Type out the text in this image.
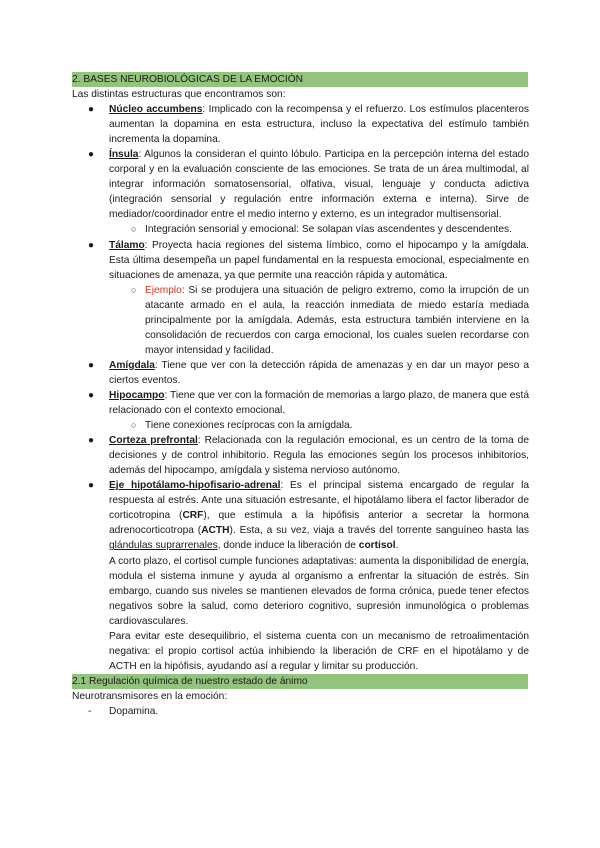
2. BASES NEUROBIOLÓGICAS DE LA EMOCIÓN

Las distintas estructuras que encontramos son:

● Núcleo accumbens: Implicado con la recompensa y el refuerzo. Los estímulos placenteros aumentan la dopamina en esta estructura, incluso la expectativa del estímulo también incrementa la dopamina.
● Ínsula: Algunos la consideran el quinto lóbulo. Participa en la percepción interna del estado corporal y en la evaluación consciente de las emociones. Se trata de un área multimodal, al integrar información somatosensorial, olfativa, visual, lenguaje y conducta adictiva (integración sensorial y regulación entre información externa e interna). Sirve de mediador/coordinador entre el medio interno y externo, es un integrador multisensorial.
○ Integración sensorial y emocional: Se solapan vías ascendentes y descendentes.
● Tálamo: Proyecta hacia regiones del sistema límbico, como el hipocampo y la amígdala. Esta última desempeña un papel fundamental en la respuesta emocional, especialmente en situaciones de amenaza, ya que permite una reacción rápida y automática.
○ Ejemplo: Si se produjera una situación de peligro extremo, como la irrupción de un atacante armado en el aula, la reacción inmediata de miedo estaría mediada principalmente por la amígdala. Además, esta estructura también interviene en la consolidación de recuerdos con carga emocional, los cuales suelen recordarse con mayor intensidad y facilidad.
● Amígdala: Tiene que ver con la detección rápida de amenazas y en dar un mayor peso a ciertos eventos.
● Hipocampo: Tiene que ver con la formación de memorias a largo plazo, de manera que está relacionado con el contexto emocional.
○ Tiene conexiones recíprocas con la amígdala.
● Corteza prefrontal: Relacionada con la regulación emocional, es un centro de la toma de decisiones y de control inhibitorio. Regula las emociones según los procesos inhibitorios, además del hipocampo, amígdala y sistema nervioso autónomo.
● Eje hipotálamo-hipofisario-adrenal: Es el principal sistema encargado de regular la respuesta al estrés. Ante una situación estresante, el hipotálamo libera el factor liberador de corticotropina (CRF), que estimula a la hipófisis anterior a secretar la hormona adrenocorticotropa (ACTH). Esta, a su vez, viaja a través del torrente sanguíneo hasta las glándulas suprarrenales, donde induce la liberación de cortisol.

A corto plazo, el cortisol cumple funciones adaptativas: aumenta la disponibilidad de energía, modula el sistema inmune y ayuda al organismo a enfrentar la situación de estrés. Sin embargo, cuando sus niveles se mantienen elevados de forma crónica, puede tener efectos negativos sobre la salud, como deterioro cognitivo, supresión inmunológica o problemas cardiovasculares.

Para evitar este desequilibrio, el sistema cuenta con un mecanismo de retroalimentación negativa: el propio cortisol actúa inhibiendo la liberación de CRF en el hipotálamo y de ACTH en la hipófisis, ayudando así a regular y limitar su producción.

2.1 Regulación química de nuestro estado de ánimo

Neurotransmisores en la emoción:

- Dopamina.
